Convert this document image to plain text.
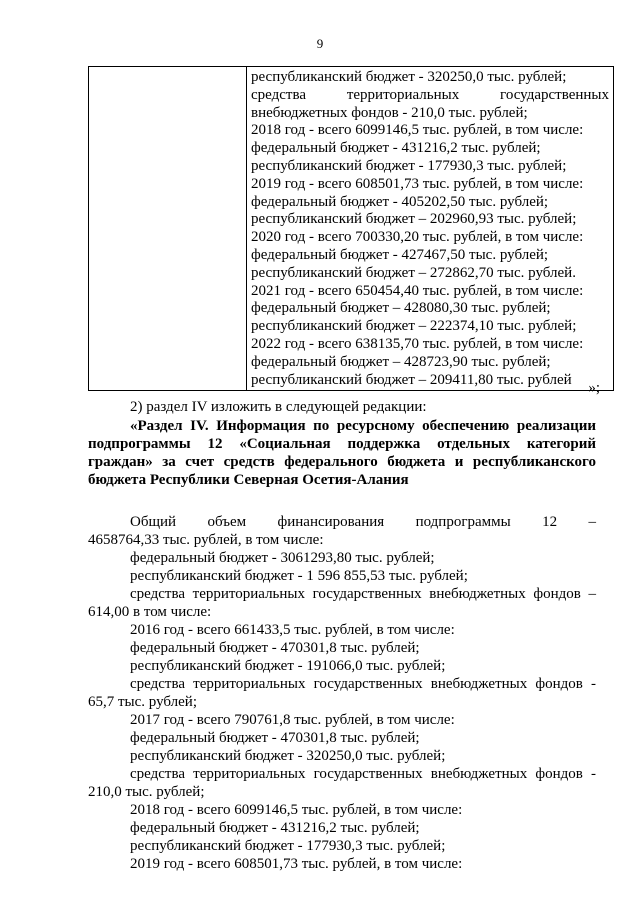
9

республиканский бюджет - 320250,0 тыс. рублей;
средства территориальных государственных
внебюджетных фондов - 210,0 тыс. рублей;
2018 год - всего 6099146,5 тыс. рублей, в том числе:
федеральный бюджет - 431216,2 тыс. рублей;
республиканский бюджет - 177930,3 тыс. рублей;
2019 год - всего 608501,73 тыс. рублей, в том числе:
федеральный бюджет - 405202,50 тыс. рублей;
республиканский бюджет – 202960,93 тыс. рублей;
2020 год - всего 700330,20 тыс. рублей, в том числе:
федеральный бюджет - 427467,50 тыс. рублей;
республиканский бюджет – 272862,70 тыс. рублей.
2021 год - всего 650454,40 тыс. рублей, в том числе:
федеральный бюджет – 428080,30 тыс. рублей;
республиканский бюджет – 222374,10 тыс. рублей;
2022 год - всего 638135,70 тыс. рублей, в том числе:
федеральный бюджет – 428723,90 тыс. рублей;
республиканский бюджет – 209411,80 тыс. рублей
»;
2) раздел IV изложить в следующей редакции:
«Раздел IV. Информация по ресурсному обеспечению реализации
подпрограммы 12 «Социальная поддержка отдельных категорий
граждан» за счет средств федерального бюджета и республиканского
бюджета Республики Северная Осетия-Алания
Общий объем финансирования подпрограммы 12 –
4658764,33 тыс. рублей, в том числе:
федеральный бюджет - 3061293,80 тыс. рублей;
республиканский бюджет - 1 596 855,53 тыс. рублей;
средства территориальных государственных внебюджетных фондов –
614,00 в том числе:
2016 год - всего 661433,5 тыс. рублей, в том числе:
федеральный бюджет - 470301,8 тыс. рублей;
республиканский бюджет - 191066,0 тыс. рублей;
средства территориальных государственных внебюджетных фондов -
65,7 тыс. рублей;
2017 год - всего 790761,8 тыс. рублей, в том числе:
федеральный бюджет - 470301,8 тыс. рублей;
республиканский бюджет - 320250,0 тыс. рублей;
средства территориальных государственных внебюджетных фондов -
210,0 тыс. рублей;
2018 год - всего 6099146,5 тыс. рублей, в том числе:
федеральный бюджет - 431216,2 тыс. рублей;
республиканский бюджет - 177930,3 тыс. рублей;
2019 год - всего 608501,73 тыс. рублей, в том числе:
